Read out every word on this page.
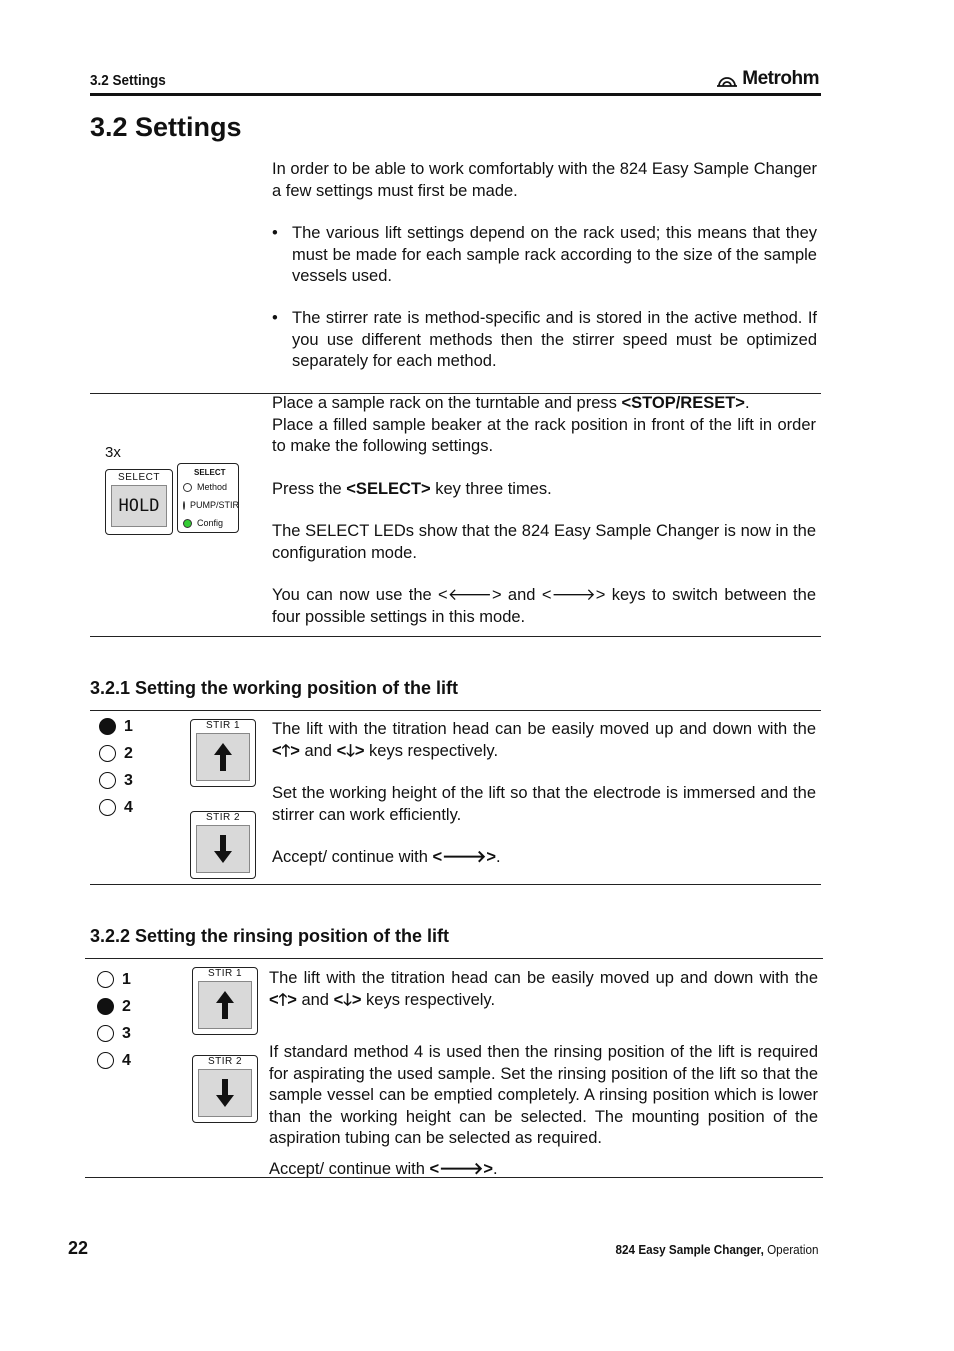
3.2 Settings	Metrohm
3.2 Settings
In order to be able to work comfortably with the 824 Easy Sample Changer a few settings must first be made.
• The various lift settings depend on the rack used; this means that they must be made for each sample rack according to the size of the sample vessels used.
• The stirrer rate is method-specific and is stored in the active method. If you use different methods then the stirrer speed must be optimized separately for each method.
3x
SELECT
HOLD
SELECT
Method
PUMP/STIR
Config
Place a sample rack on the turntable and press <STOP/RESET>.
Place a filled sample beaker at the rack position in front of the lift in order to make the following settings.
Press the <SELECT> key three times.
The SELECT LEDs show that the 824 Easy Sample Changer is now in the configuration mode.
You can now use the <🡐> and <🡒> keys to switch between the four possible settings in this mode.
3.2.1 Setting the working position of the lift
1
2
3
4
STIR 1
STIR 2
The lift with the titration head can be easily moved up and down with the <🡑> and <🡓> keys respectively.
Set the working height of the lift so that the electrode is immersed and the stirrer can work efficiently.
Accept/ continue with <🡒>.
3.2.2 Setting the rinsing position of the lift
1
2
3
4
STIR 1
STIR 2
The lift with the titration head can be easily moved up and down with the <🡑> and <🡓> keys respectively.
If standard method 4 is used then the rinsing position of the lift is required for aspirating the used sample. Set the rinsing position of the lift so that the sample vessel can be emptied completely. A rinsing position which is lower than the working height can be selected. The mounting position of the aspiration tubing can be selected as required.
Accept/ continue with <🡒>.
22	824 Easy Sample Changer, Operation
